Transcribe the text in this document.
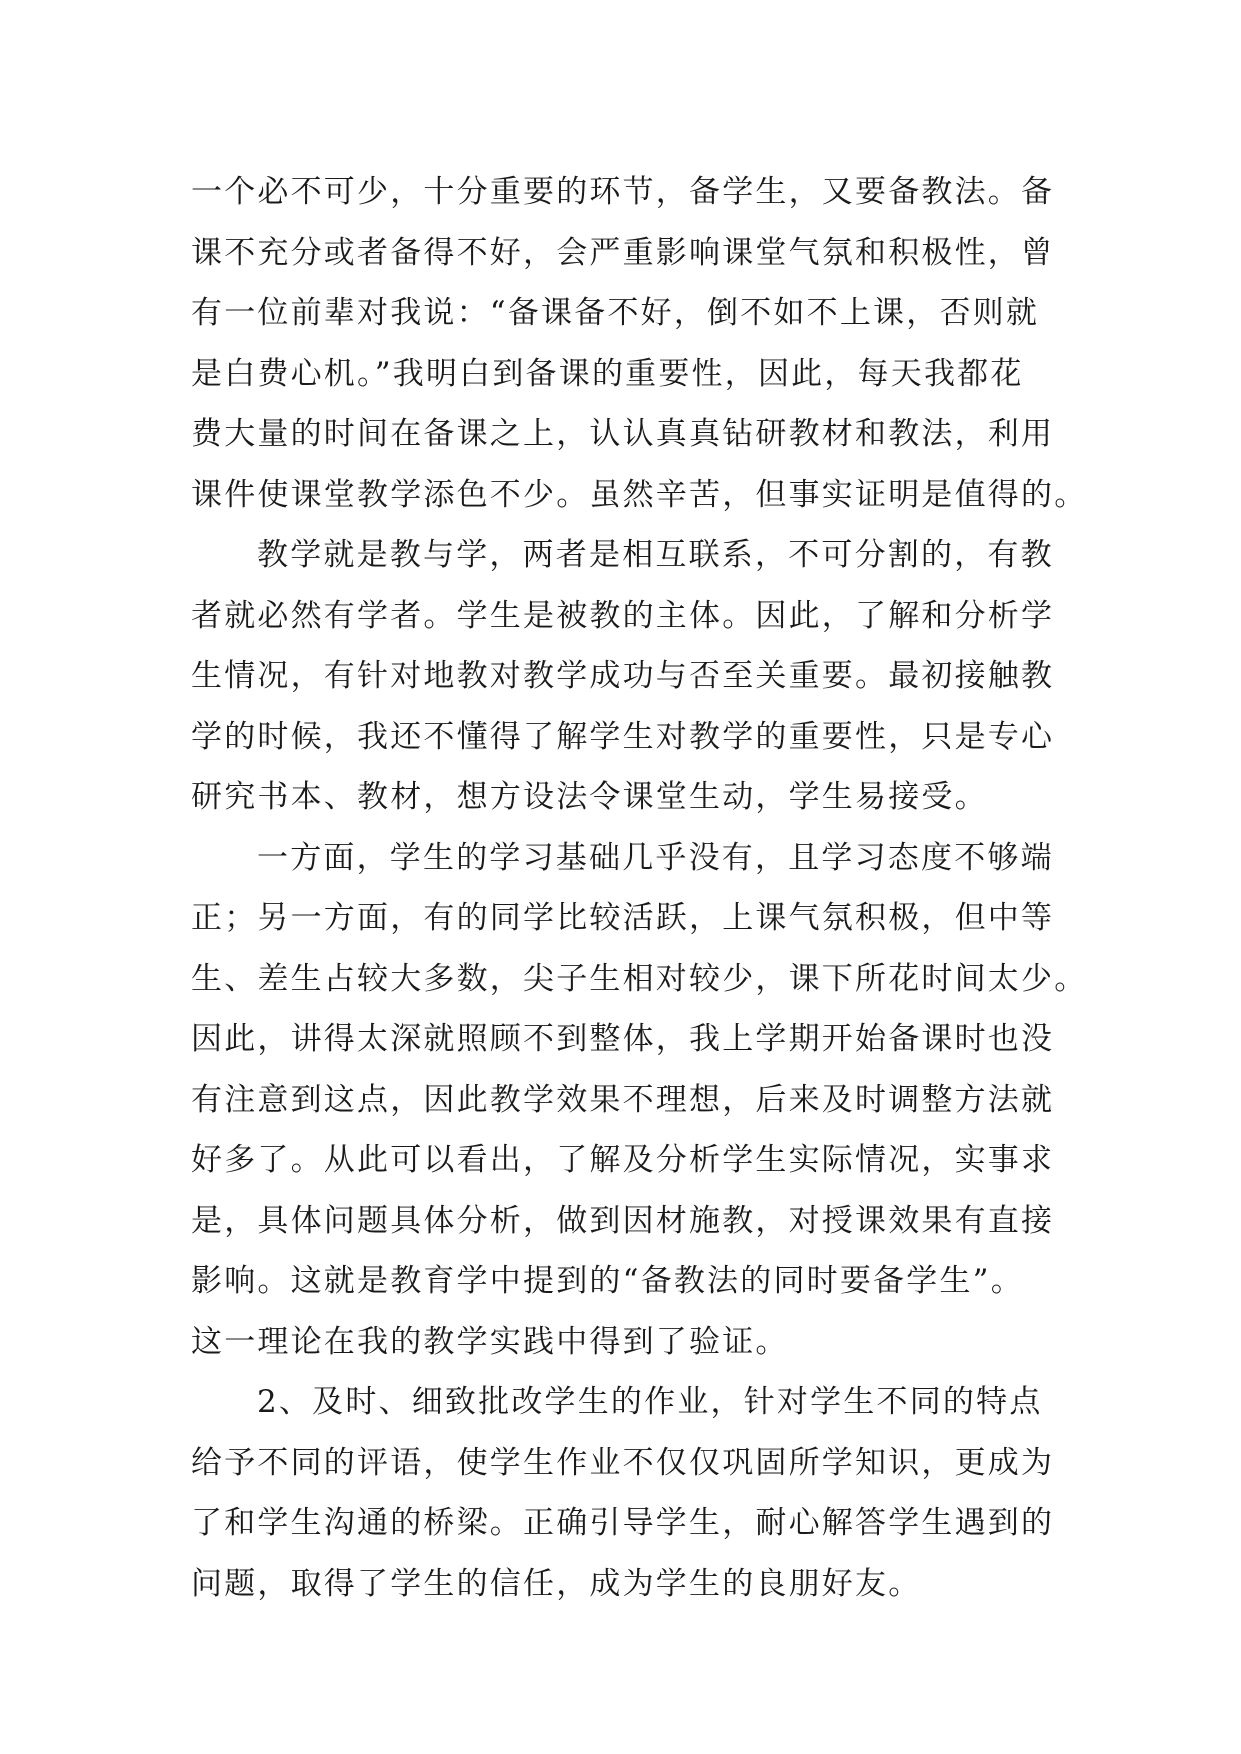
一个必不可少，十分重要的环节，备学生，又要备教法。备
课不充分或者备得不好，会严重影响课堂气氛和积极性，曾
有一位前辈对我说：“备课备不好，倒不如不上课，否则就
是白费心机。”我明白到备课的重要性，因此，每天我都花
费大量的时间在备课之上，认认真真钻研教材和教法，利用
课件使课堂教学添色不少。虽然辛苦，但事实证明是值得的。
教学就是教与学，两者是相互联系，不可分割的，有教
者就必然有学者。学生是被教的主体。因此，了解和分析学
生情况，有针对地教对教学成功与否至关重要。最初接触教
学的时候，我还不懂得了解学生对教学的重要性，只是专心
研究书本、教材，想方设法令课堂生动，学生易接受。
一方面，学生的学习基础几乎没有，且学习态度不够端
正；另一方面，有的同学比较活跃，上课气氛积极，但中等
生、差生占较大多数，尖子生相对较少，课下所花时间太少。
因此，讲得太深就照顾不到整体，我上学期开始备课时也没
有注意到这点，因此教学效果不理想，后来及时调整方法就
好多了。从此可以看出，了解及分析学生实际情况，实事求
是，具体问题具体分析，做到因材施教，对授课效果有直接
影响。这就是教育学中提到的“备教法的同时要备学生”。
这一理论在我的教学实践中得到了验证。
2、及时、细致批改学生的作业，针对学生不同的特点
给予不同的评语，使学生作业不仅仅巩固所学知识，更成为
了和学生沟通的桥梁。正确引导学生，耐心解答学生遇到的
问题，取得了学生的信任，成为学生的良朋好友。
